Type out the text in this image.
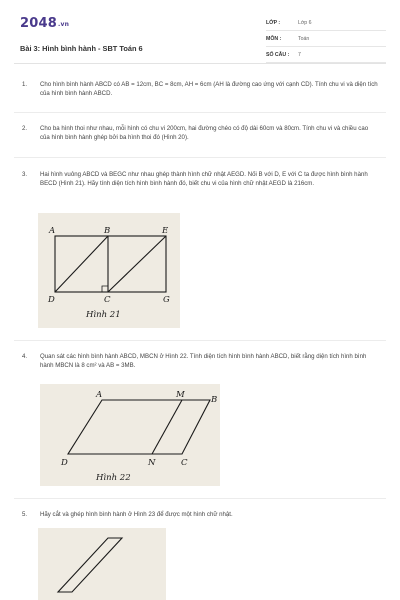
2048.vn
Bài 3: Hình bình hành - SBT Toán 6
LỚP :	Lớp 6
MÔN :	Toán
SỐ CÂU : 7
1.	Cho hình bình hành ABCD có AB = 12cm, BC = 8cm, AH = 6cm (AH là đường cao ứng với cạnh CD). Tính chu vi và diện tích của hình bình hành ABCD.
2.	Cho ba hình thoi như nhau, mỗi hình có chu vi 200cm, hai đường chéo có độ dài 60cm và 80cm. Tính chu vi và chiều cao của hình bình hành ghép bởi ba hình thoi đó (Hình 20).
3.	Hai hình vuông ABCD và BEGC như nhau ghép thành hình chữ nhật AEGD. Nối B với D, E với C ta được hình bình hành BECD (Hình 21). Hãy tính diện tích hình bình hành đó, biết chu vi của hình chữ nhật AEGD là 216cm.
A	B	E
D	C	G
Hình 21
4.	Quan sát các hình bình hành ABCD, MBCN ở Hình 22. Tính diện tích hình bình hành ABCD, biết rằng diện tích hình bình hành MBCN là 8 cm² và AB = 3MB.
A	M	B
D	N	C
Hình 22
5.	Hãy cắt và ghép hình bình hành ở Hình 23 để được một hình chữ nhật.
